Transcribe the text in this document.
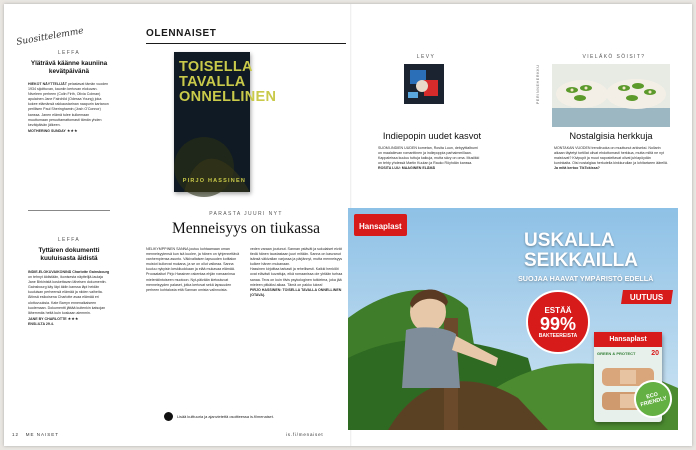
Suosittelemme	OLENNAISET
LEFFA
Yläträvä käänne kauniina kevätpäivänä

HIEKOT NÄYTTELIJÄT pelastavat tämän vuoden 1934 sijoittuvan, kauniin kertovan elokuvan. Niveleen perheen (Colin Firth, Olivia Colman) apulainen Jane Fairchild (Odessa Young) joka kokee elämänsä rakkaustarinan naapurin kartanon perillisen Paul Sheringhamin (Josh O'Connor) kanssa. Janen elämä tulee kulkemaan muuttumaan peruuttamattomasti tämän yhden kevätpäivän jälkeen.

MOTHERING SUNDAY ★★★

LEFFA
Tyttären dokumentti kuuluisasta äidistä

INDIE-ELOKUVAIKONINÄ Charlotte Gainsbourg on tehnyt äidistään, ikonisesta näyttelijä-laulaja Jane Birkinistä koskettavan läheisen dokumentin. Gainsbourg käy läpi äidin kanssa läpi heidän kuuluisan perheensä elämää ja niiden vaiheita. Äitinsä esikoisena Charlotte avaa elämää eri ulottuvuuksia. Kate Barryn ennenaikaiseen kuolemaan. Dokumentti jättää kuitenkin katsojan lähemmäs heitä kuin koskaan aiemmin.

JANE BY CHARLOTTE ★★★
ENSI-ILTA 29.4.

12 ME NAISET
TOISELLA TAVALLA ONNELLINEN
PIRJO HASSINEN
PARASTA JUURI NYT
Menneisyys on tiukassa

NELIKYMPPINEN SANNA joutuu kohtaamaan oman menneisyytensä kun isä kuolee, ja hänen on tyhjennettävä vanhempiensa asunto. Väkivaltaisen lapsuuden kotitalon muistot kulkevat mukana, ja se on ollut vaikeaa. Sanna kuuluu nykyisin keskiluokkaan ja elää mukavaa elämää.
Proosataiturl Pirjo Hassinen rakentaa ehjän romaaninsa mielenkiintoiseen muotoon. Nyt-päivään kietoutuvat menneisyyden palaset, jotka kertovat sekä lapsuuden perheen kohtalosta että Sannan omista valinnoista.

veden varaan joutunut. Sannan ystävät ja sukulaiset eivät tiedä hänen taustastaan juuri mitään. Sanna on kasvanut isänsä väkivallan varjossa ja pärjännyt, mutta menneisyys kulkee hänen mukanaan.
Hassinen kirjoittaa tarkasti ja rehellisesti. Kaikki henkilöt ovat elävästi kuvattuja, eikä romaanissa ole yhtään turhaa sanaa. Teos on kuin tiivis psykologinen tutkielma, joka jää mieleen pitkäksi aikaa. Tämä on pakko lukea!

PIRJO HASSINEN: TOISELLA TAVALLA ONNELLINEN (OTAVA).

Lisää kulttuuria ja ajanvietettä osoitteessa is.fi/menaiset.
LEVY
Indiepopin uudet kasvot

SUOMI-INDIEN UUDEN kometan, Rosita Luun, debyyttialbumi on maalailevan romanttinen ja indiepoppia parhaimmillaan. Kappaleissa kuuluu tuttuja kaikuja, mutta sävy on oma. Musiikki on tehty yhdessä Martin Kuulan ja Rauko Röyhdän kanssa.

ROSITA LUU: MAAGINEN ELÄMÄ

VIELÄKÖ SÖISIT?
PERINNEHERKKU
Nostalgisia herkkuja

MONTAKAN VUODEN trendiruoka on muuttunut arkiseksi. Nollarin aikaan täytetyt tortillat olivat ehdottomasti herkkua, mutta miltä ne nyt maistuvat? Kivipupit ja muut naposteltavat olivat juhlapöydän kuninkaita. Oisi nostalgiaa herkutella kinkkurullan ja lohitartaren äärellä. Ja mitä kertoo TikTokissa?

Hansaplast
USKALLA
SEIKKAILLA
SUOJAA HAAVAT YMPÄRISTÖ EDELLÄ
UUTUUS
ESTÄÄ
99%
BAKTEEREISTA
Hansaplast
GREEN & PROTECT 20
ECO FRIENDLY
is.fi/menaiset
